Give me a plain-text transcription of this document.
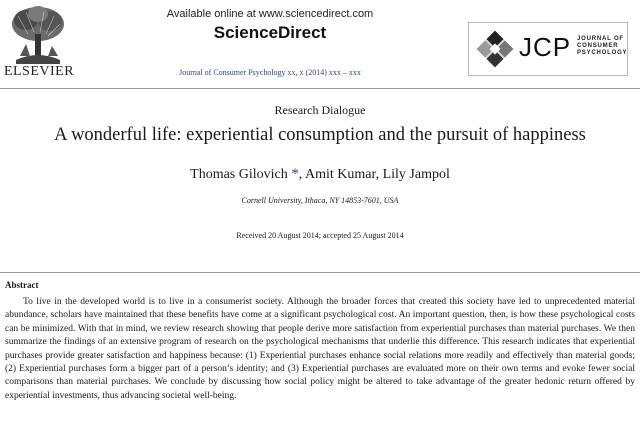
ELSEVIER
Available online at www.sciencedirect.com
ScienceDirect
Journal of Consumer Psychology xx, x (2014) xxx – xxx
JCP JOURNAL OF CONSUMER PSYCHOLOGY
Research Dialogue
A wonderful life: experiential consumption and the pursuit of happiness
Thomas Gilovich *, Amit Kumar, Lily Jampol
Cornell University, Ithaca, NY 14853-7601, USA
Received 20 August 2014; accepted 25 August 2014
Abstract

To live in the developed world is to live in a consumerist society. Although the broader forces that created this society have led to unprecedented material abundance, scholars have maintained that these benefits have come at a significant psychological cost. An important question, then, is how these psychological costs can be minimized. With that in mind, we review research showing that people derive more satisfaction from experiential purchases than material purchases. We then summarize the findings of an extensive program of research on the psychological mechanisms that underlie this difference. This research indicates that experiential purchases provide greater satisfaction and happiness because: (1) Experiential purchases enhance social relations more readily and effectively than material goods; (2) Experiential purchases form a bigger part of a person’s identity; and (3) Experiential purchases are evaluated more on their own terms and evoke fewer social comparisons than material purchases. We conclude by discussing how social policy might be altered to take advantage of the greater hedonic return offered by experiential investments, thus advancing societal well-being.
